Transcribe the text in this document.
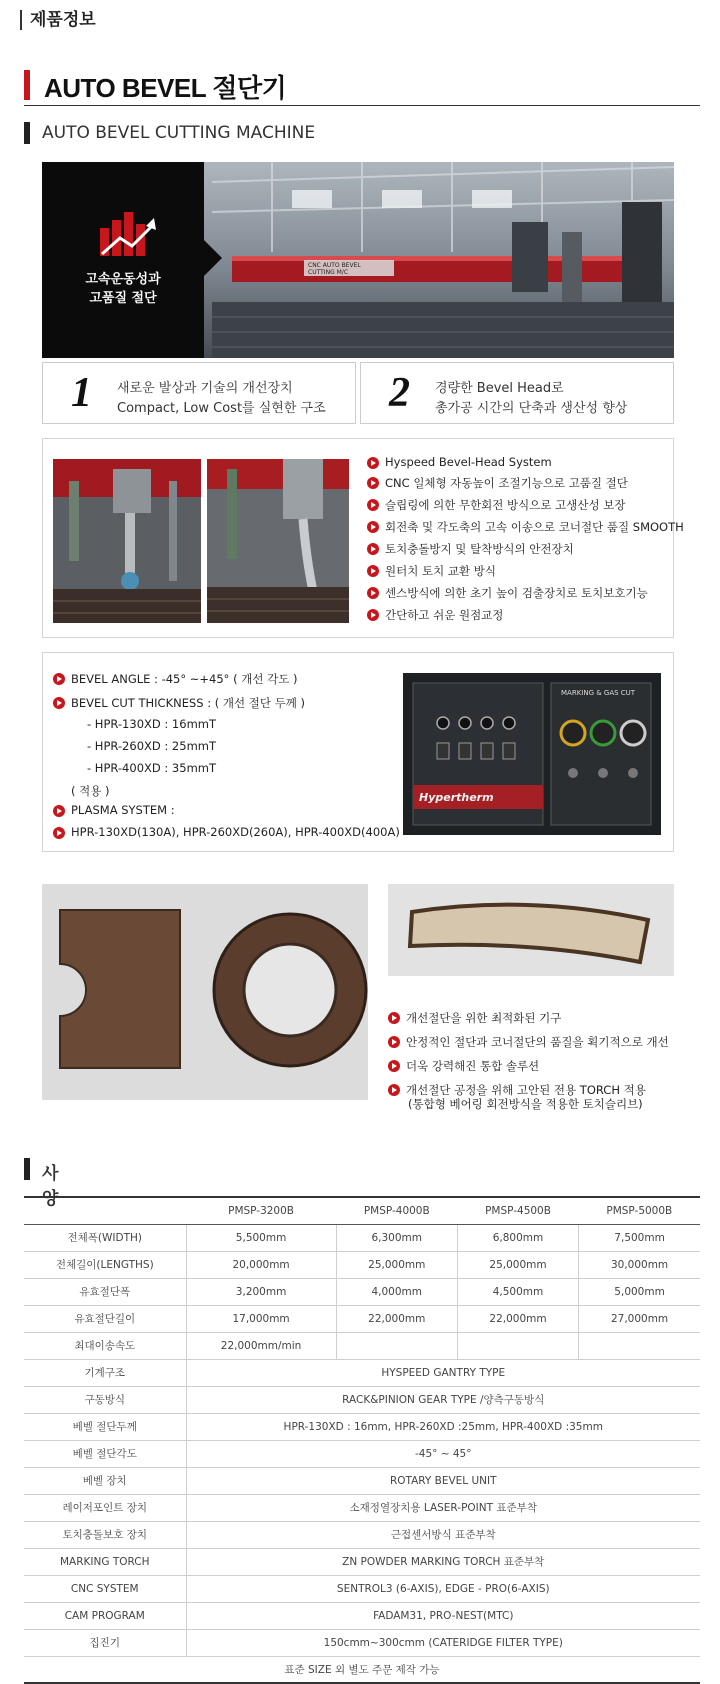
제품정보
AUTO BEVEL 절단기
AUTO BEVEL CUTTING MACHINE
CNC AUTO BEVEL
CUTTING M/C
고속운동성과
고품질 절단
1 새로운 발상과 기술의 개선장치
Compact, Low Cost를 실현한 구조 2 경량한 Bevel Head로
총가공 시간의 단축과 생산성 향상
Hyspeed Bevel-Head System
CNC 일체형 자동높이 조절기능으로 고품질 절단
슬립링에 의한 무한회전 방식으로 고생산성 보장
회전축 및 각도축의 고속 이송으로 코너절단 품질 SMOOTH
토치충돌방지 및 탈착방식의 안전장치
원터치 토치 교환 방식
센스방식에 의한 초기 높이 검출장치로 토치보호기능
간단하고 쉬운 원점교정
BEVEL ANGLE : -45° ~+45° ( 개선 각도 )
BEVEL CUT THICKNESS : ( 개선 절단 두께 )
- HPR-130XD : 16mmT
- HPR-260XD : 25mmT
- HPR-400XD : 35mmT
( 적용 )
PLASMA SYSTEM :
HPR-130XD(130A), HPR-260XD(260A), HPR-400XD(400A)
Hypertherm
MARKING & GAS CUT
개선절단을 위한 최적화된 기구
안정적인 절단과 코너절단의 품질을 획기적으로 개선
더욱 강력해진 통합 솔루션
개선절단 공정을 위해 고안된 전용 TORCH 적용
(통합형 베어링 회전방식을 적용한 토치슬리브)
사양
	PMSP-3200B	PMSP-4000B	PMSP-4500B	PMSP-5000B
전체폭(WIDTH)	5,500mm	6,300mm	6,800mm	7,500mm
전체길이(LENGTHS)	20,000mm	25,000mm	25,000mm	30,000mm
유효절단폭	3,200mm	4,000mm	4,500mm	5,000mm
유효절단길이	17,000mm	22,000mm	22,000mm	27,000mm
최대이송속도	22,000mm/min			
기계구조	HYSPEED GANTRY TYPE			
구동방식	RACK&PINION GEAR TYPE /양측구동방식			
베벨 절단두께	HPR-130XD : 16mm, HPR-260XD :25mm, HPR-400XD :35mm			
베벨 절단각도	-45° ~ 45°			
베벨 장치	ROTARY BEVEL UNIT			
레이저포인트 장치	소재정열장치용 LASER-POINT 표준부착			
토치충돌보호 장치	근접센서방식 표준부착			
MARKING TORCH	ZN POWDER MARKING TORCH 표준부착			
CNC SYSTEM	SENTROL3 (6-AXIS), EDGE - PRO(6-AXIS)			
CAM PROGRAM	FADAM31, PRO-NEST(MTC)			
집진기	150cmm~300cmm (CATERIDGE FILTER TYPE)			
표준 SIZE 외 별도 주문 제작 가능				
